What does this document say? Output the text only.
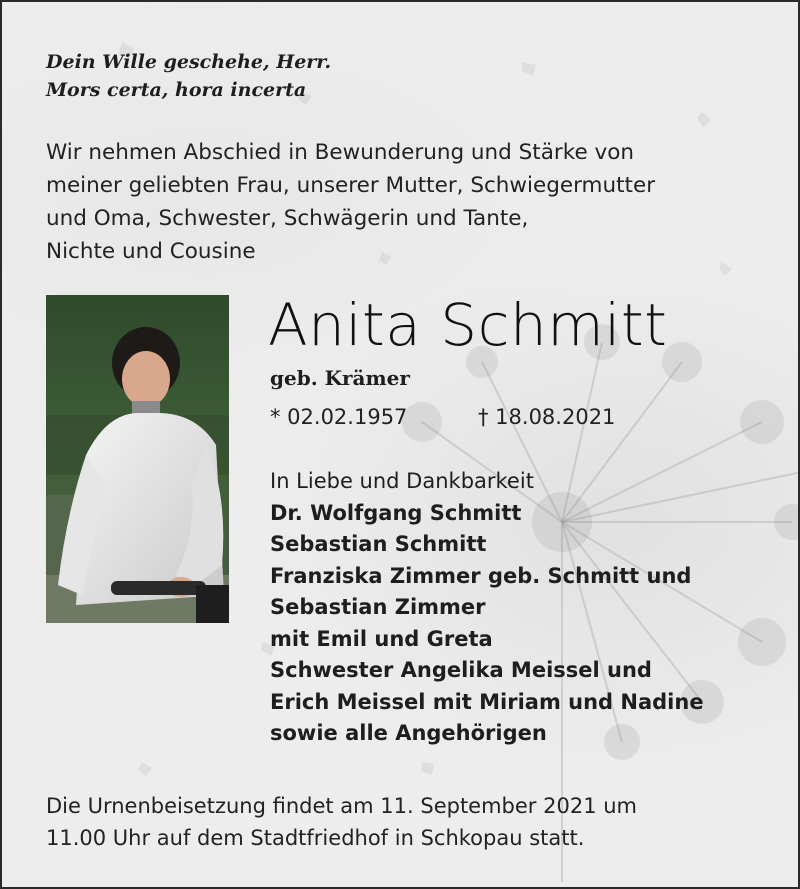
Dein Wille geschehe, Herr.
Mors certa, hora incerta
Wir nehmen Abschied in Bewunderung und Stärke von
meiner geliebten Frau, unserer Mutter, Schwiegermutter
und Oma, Schwester, Schwägerin und Tante,
Nichte und Cousine
Anita Schmitt
geb. Krämer
* 02.02.1957	† 18.08.2021
In Liebe und Dankbarkeit
Dr. Wolfgang Schmitt
Sebastian Schmitt
Franziska Zimmer geb. Schmitt und
Sebastian Zimmer
mit Emil und Greta
Schwester Angelika Meissel und
Erich Meissel mit Miriam und Nadine
sowie alle Angehörigen
Die Urnenbeisetzung findet am 11. September 2021 um
11.00 Uhr auf dem Stadtfriedhof in Schkopau statt.
